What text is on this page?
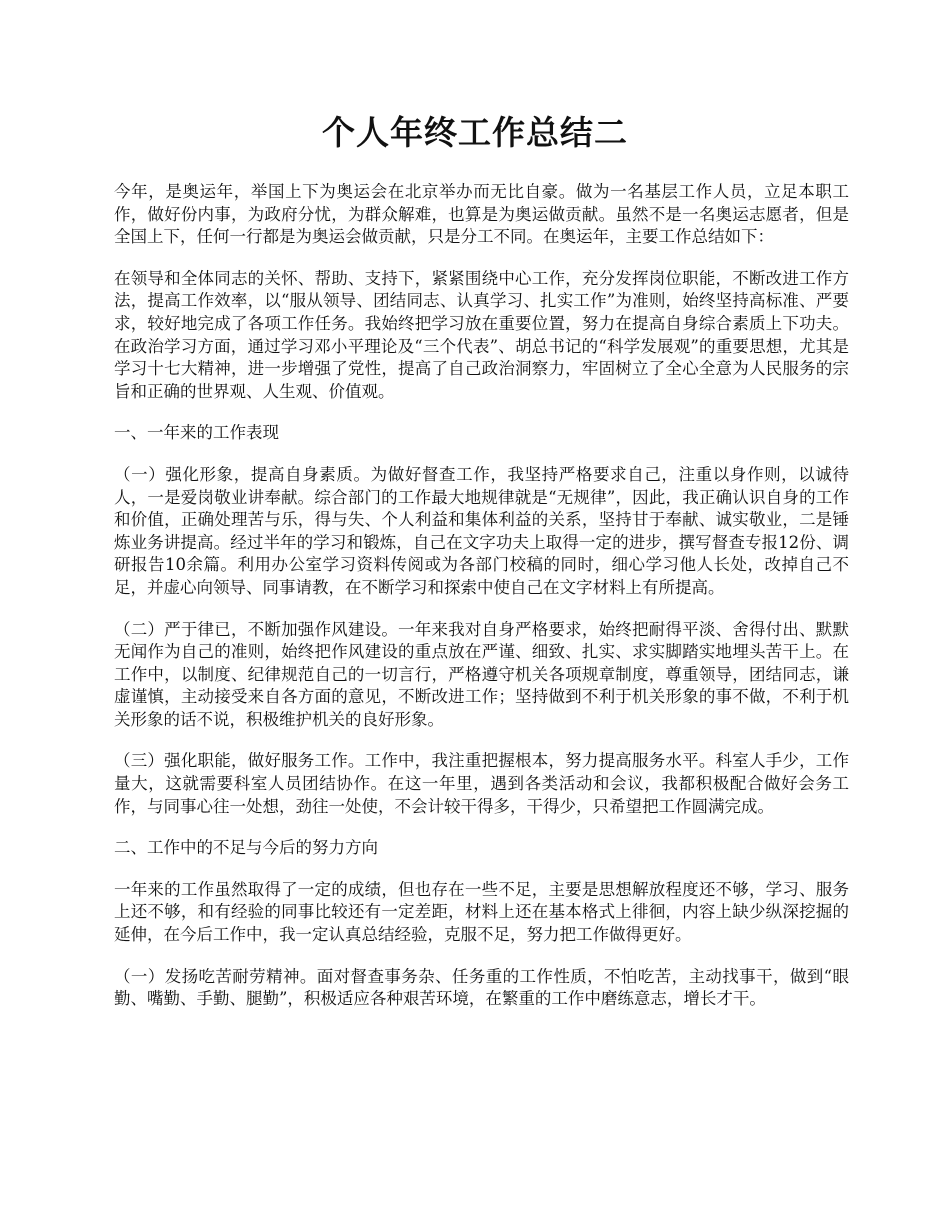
个人年终工作总结二

今年，是奥运年，举国上下为奥运会在北京举办而无比自豪。做为一名基层工作人员，立足本职工作，做好份内事，为政府分忧，为群众解难，也算是为奥运做贡献。虽然不是一名奥运志愿者，但是全国上下，任何一行都是为奥运会做贡献，只是分工不同。在奥运年，主要工作总结如下：

在领导和全体同志的关怀、帮助、支持下，紧紧围绕中心工作，充分发挥岗位职能，不断改进工作方法，提高工作效率，以“服从领导、团结同志、认真学习、扎实工作”为准则，始终坚持高标准、严要求，较好地完成了各项工作任务。我始终把学习放在重要位置，努力在提高自身综合素质上下功夫。在政治学习方面，通过学习邓小平理论及“三个代表”、胡总书记的“科学发展观”的重要思想，尤其是学习十七大精神，进一步增强了党性，提高了自己政治洞察力，牢固树立了全心全意为人民服务的宗旨和正确的世界观、人生观、价值观。

一、一年来的工作表现

（一）强化形象，提高自身素质。为做好督查工作，我坚持严格要求自己，注重以身作则，以诚待人，一是爱岗敬业讲奉献。综合部门的工作最大地规律就是“无规律”，因此，我正确认识自身的工作和价值，正确处理苦与乐，得与失、个人利益和集体利益的关系，坚持甘于奉献、诚实敬业，二是锤炼业务讲提高。经过半年的学习和锻炼，自己在文字功夫上取得一定的进步，撰写督查专报12份、调研报告10余篇。利用办公室学习资料传阅或为各部门校稿的同时，细心学习他人长处，改掉自己不足，并虚心向领导、同事请教，在不断学习和探索中使自己在文字材料上有所提高。

（二）严于律已，不断加强作风建设。一年来我对自身严格要求，始终把耐得平淡、舍得付出、默默无闻作为自己的准则，始终把作风建设的重点放在严谨、细致、扎实、求实脚踏实地埋头苦干上。在工作中，以制度、纪律规范自己的一切言行，严格遵守机关各项规章制度，尊重领导，团结同志，谦虚谨慎，主动接受来自各方面的意见，不断改进工作；坚持做到不利于机关形象的事不做，不利于机关形象的话不说，积极维护机关的良好形象。

（三）强化职能，做好服务工作。工作中，我注重把握根本，努力提高服务水平。科室人手少，工作量大，这就需要科室人员团结协作。在这一年里，遇到各类活动和会议，我都积极配合做好会务工作，与同事心往一处想，劲往一处使，不会计较干得多，干得少，只希望把工作圆满完成。

二、工作中的不足与今后的努力方向

一年来的工作虽然取得了一定的成绩，但也存在一些不足，主要是思想解放程度还不够，学习、服务上还不够，和有经验的同事比较还有一定差距，材料上还在基本格式上徘徊，内容上缺少纵深挖掘的延伸，在今后工作中，我一定认真总结经验，克服不足，努力把工作做得更好。

（一）发扬吃苦耐劳精神。面对督查事务杂、任务重的工作性质，不怕吃苦，主动找事干，做到“眼勤、嘴勤、手勤、腿勤”，积极适应各种艰苦环境，在繁重的工作中磨练意志，增长才干。
